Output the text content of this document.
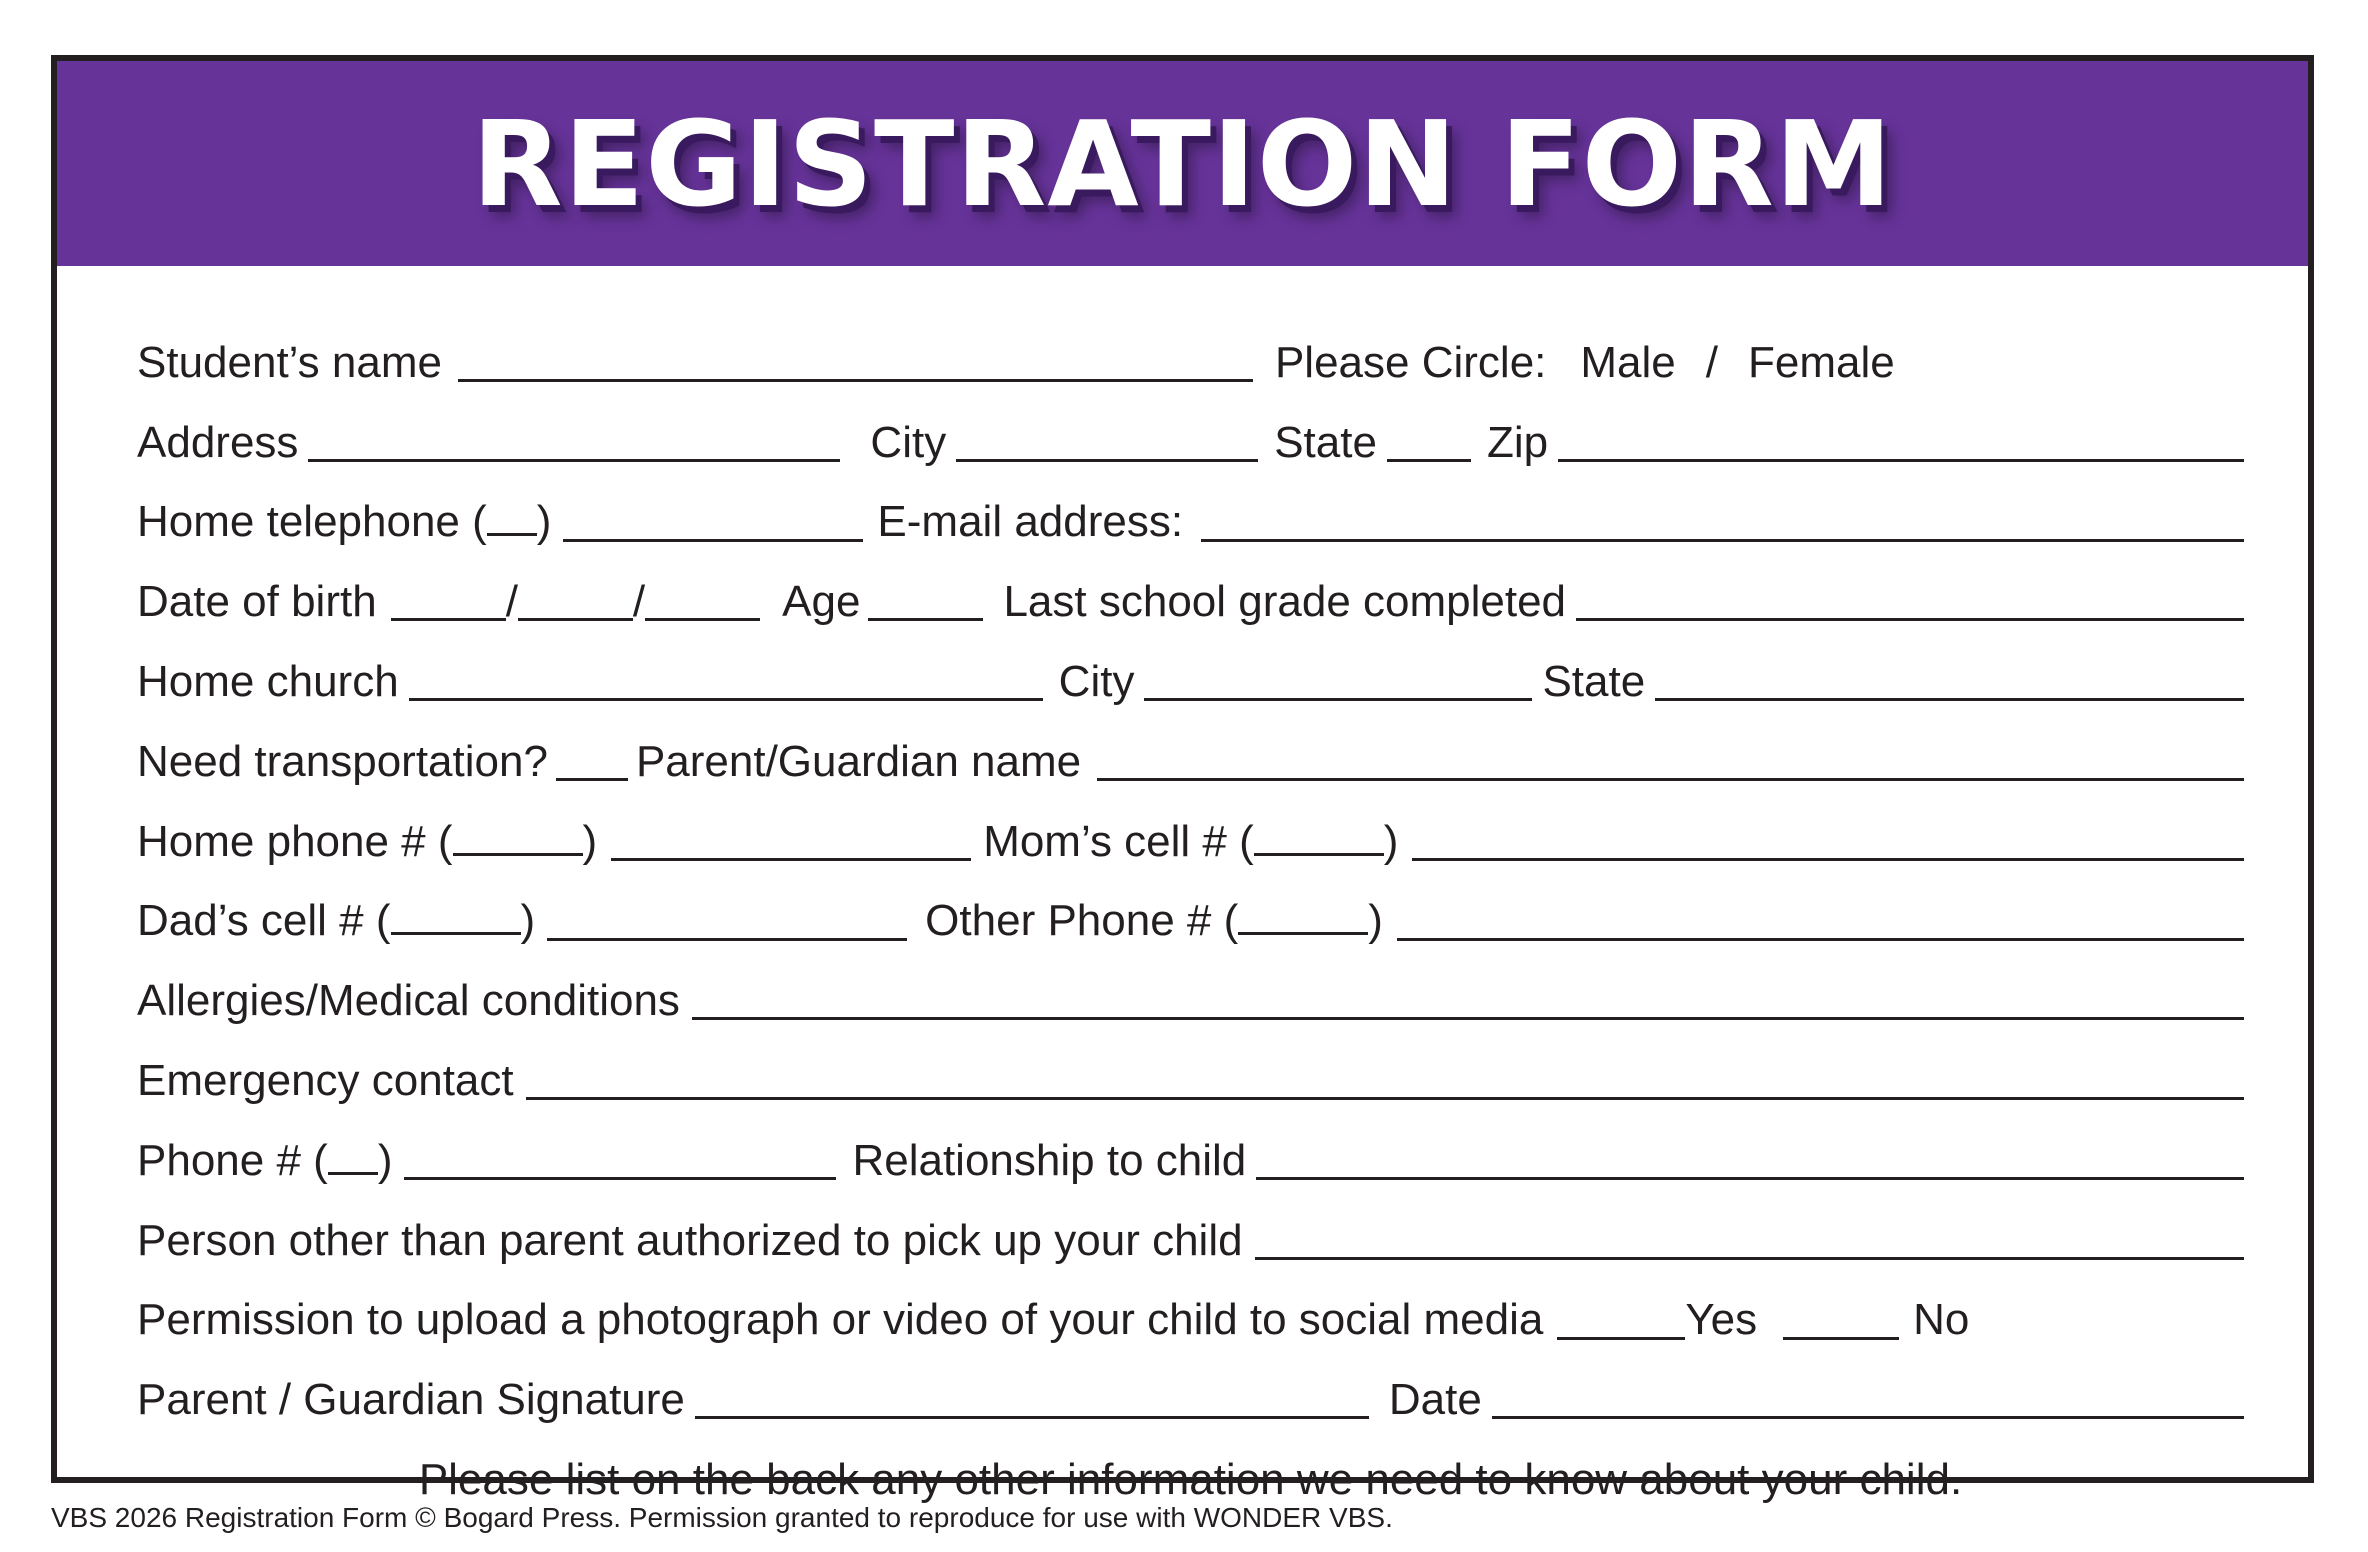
REGISTRATION FORM
Student’s name	Please Circle: Male / Female
Address	City	State	Zip
Home telephone ( )	E-mail address:
Date of birth	/	/	Age	Last school grade completed
Home church	City	State
Need transportation? Parent/Guardian name
Home phone # (	)	Mom’s cell # (	)
Dad’s cell # (	)	Other Phone # (	)
Allergies/Medical conditions
Emergency contact
Phone # ( )	Relationship to child
Person other than parent authorized to pick up your child
Permission to upload a photograph or video of your child to social media	Yes	No
Parent / Guardian Signature	Date
Please list on the back any other information we need to know about your child.
VBS 2026 Registration Form © Bogard Press. Permission granted to reproduce for use with WONDER VBS.
